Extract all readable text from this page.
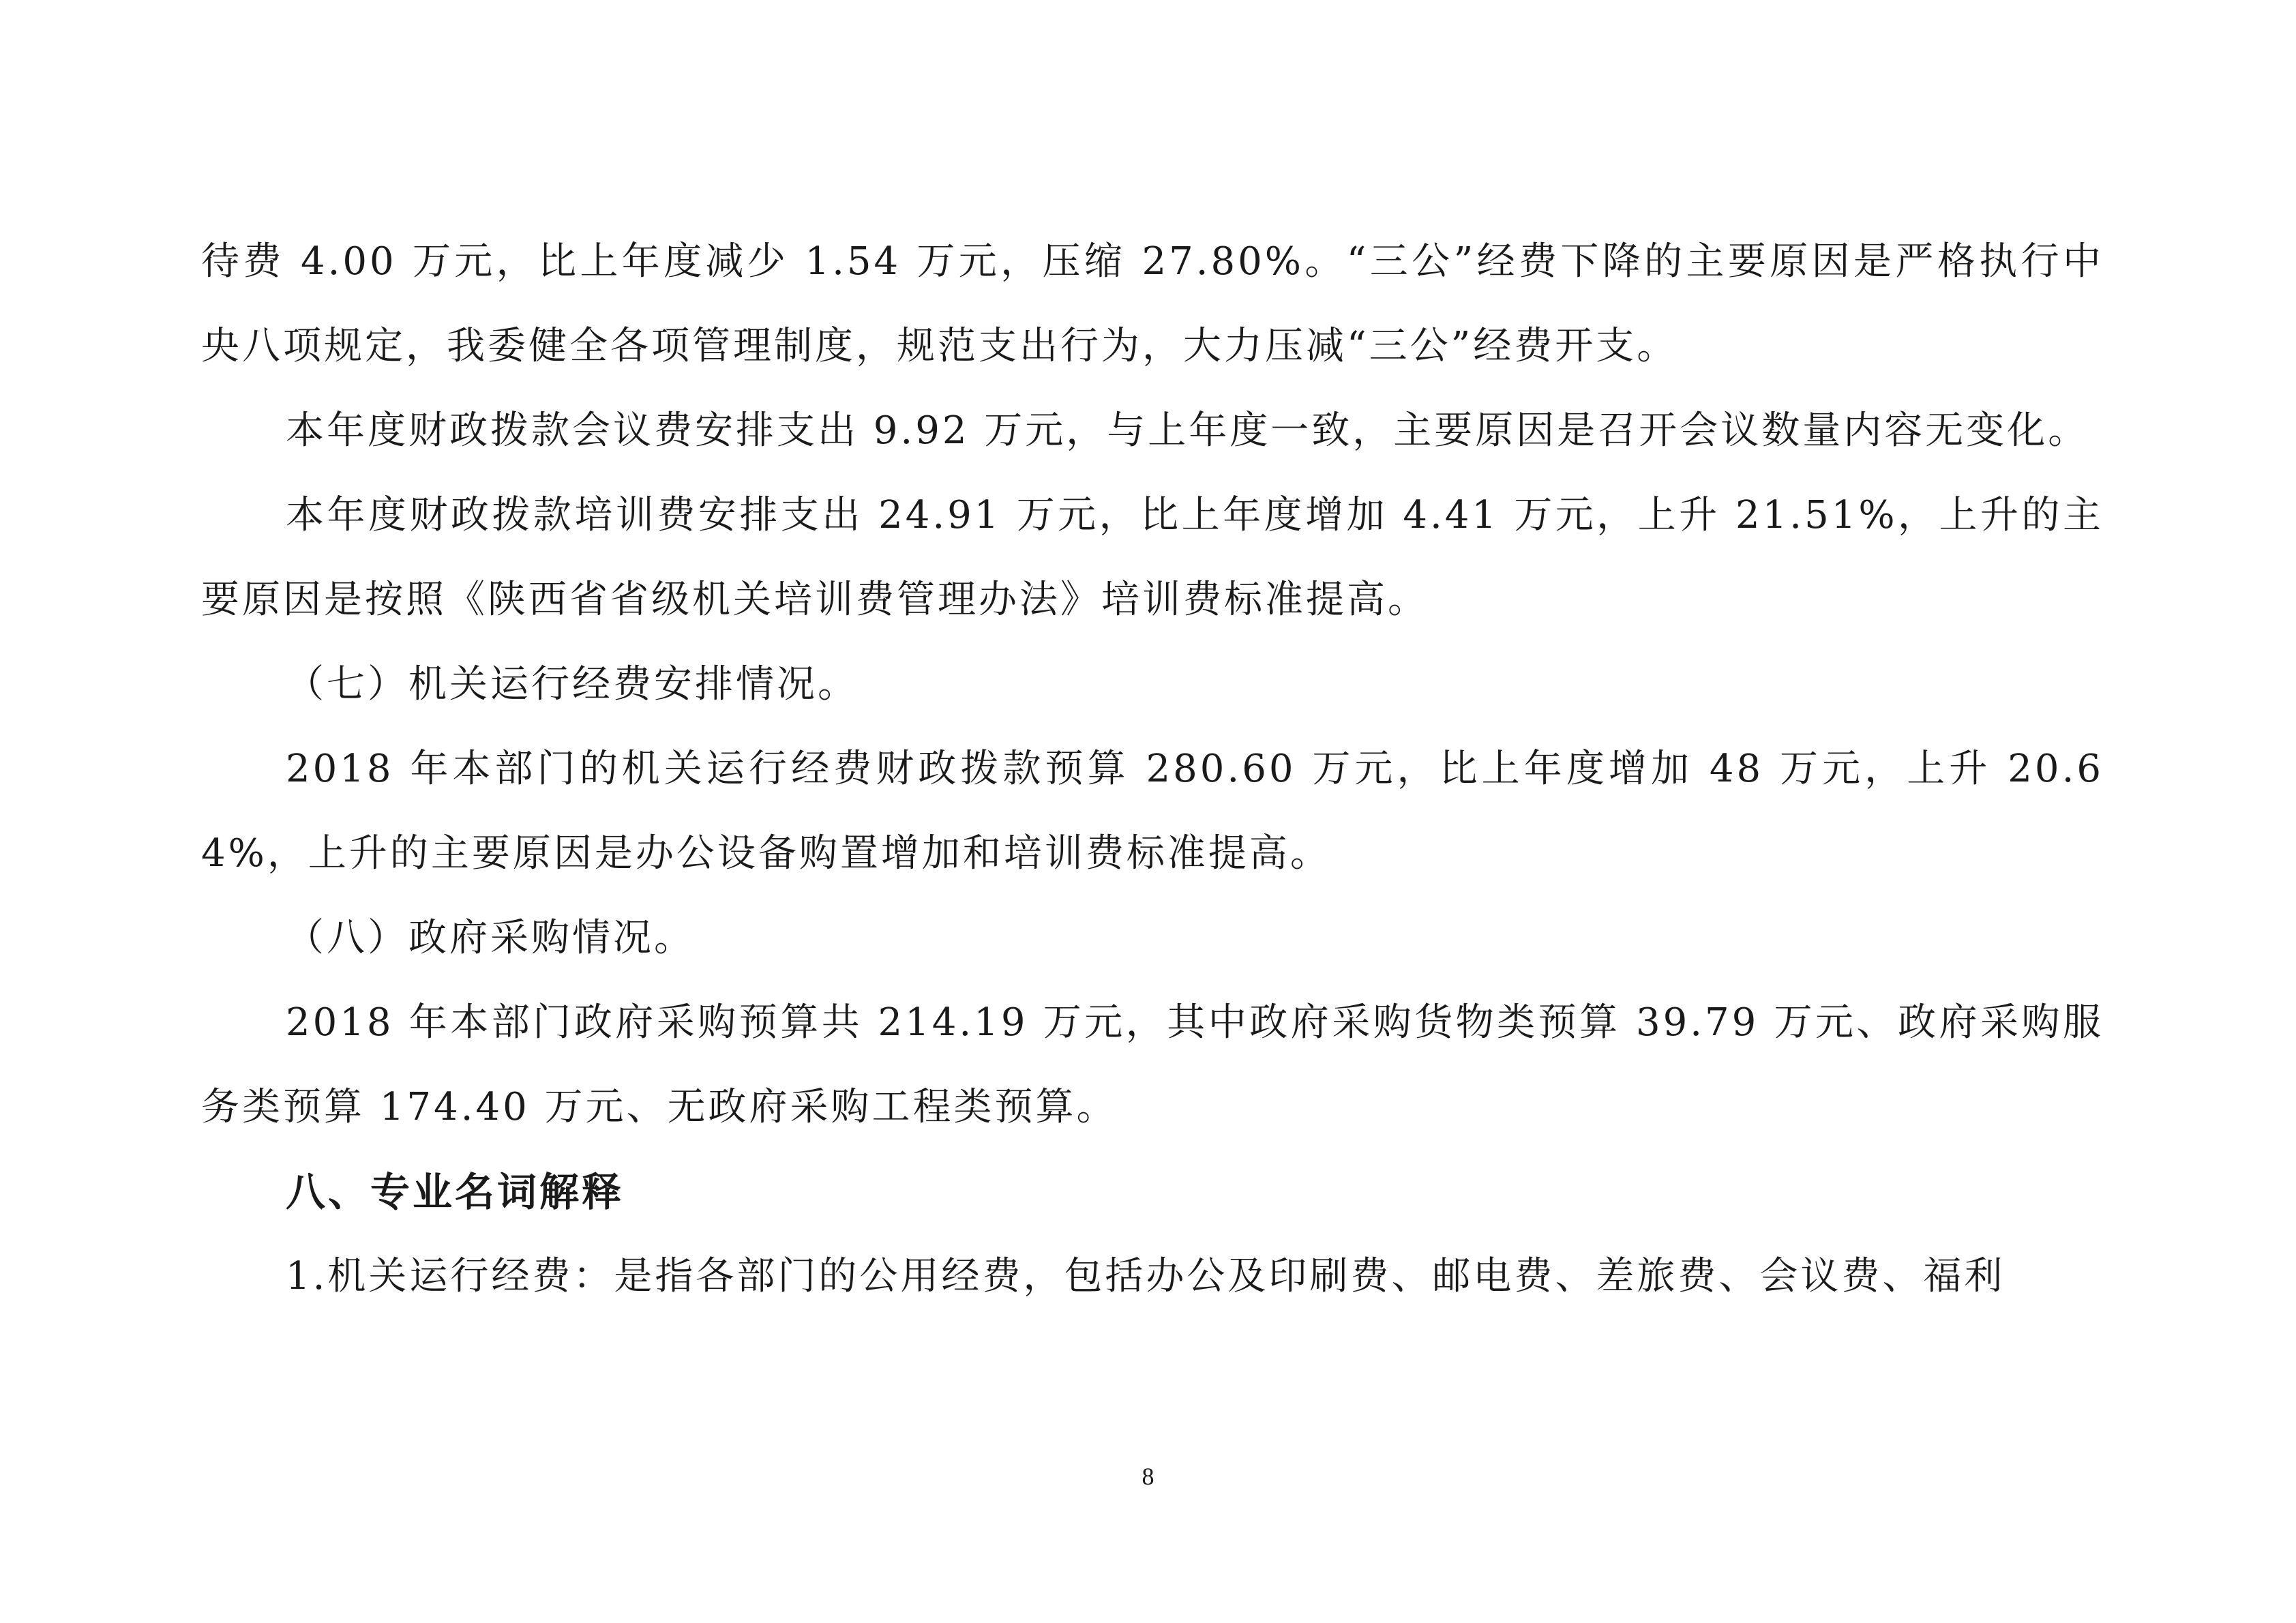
待费 4.00 万元，比上年度减少 1.54 万元，压缩 27.80%。“三公”经费下降的主要原因是严格执行中央八项规定，我委健全各项管理制度，规范支出行为，大力压减“三公”经费开支。

本年度财政拨款会议费安排支出 9.92 万元，与上年度一致，主要原因是召开会议数量内容无变化。

本年度财政拨款培训费安排支出 24.91 万元，比上年度增加 4.41 万元，上升 21.51%，上升的主要原因是按照《陕西省省级机关培训费管理办法》培训费标准提高。

（七）机关运行经费安排情况。

2018 年本部门的机关运行经费财政拨款预算 280.60 万元，比上年度增加 48 万元，上升 20.64%，上升的主要原因是办公设备购置增加和培训费标准提高。

（八）政府采购情况。

2018 年本部门政府采购预算共 214.19 万元，其中政府采购货物类预算 39.79 万元、政府采购服务类预算 174.40 万元、无政府采购工程类预算。

八、专业名词解释

1.机关运行经费：是指各部门的公用经费，包括办公及印刷费、邮电费、差旅费、会议费、福利

8
